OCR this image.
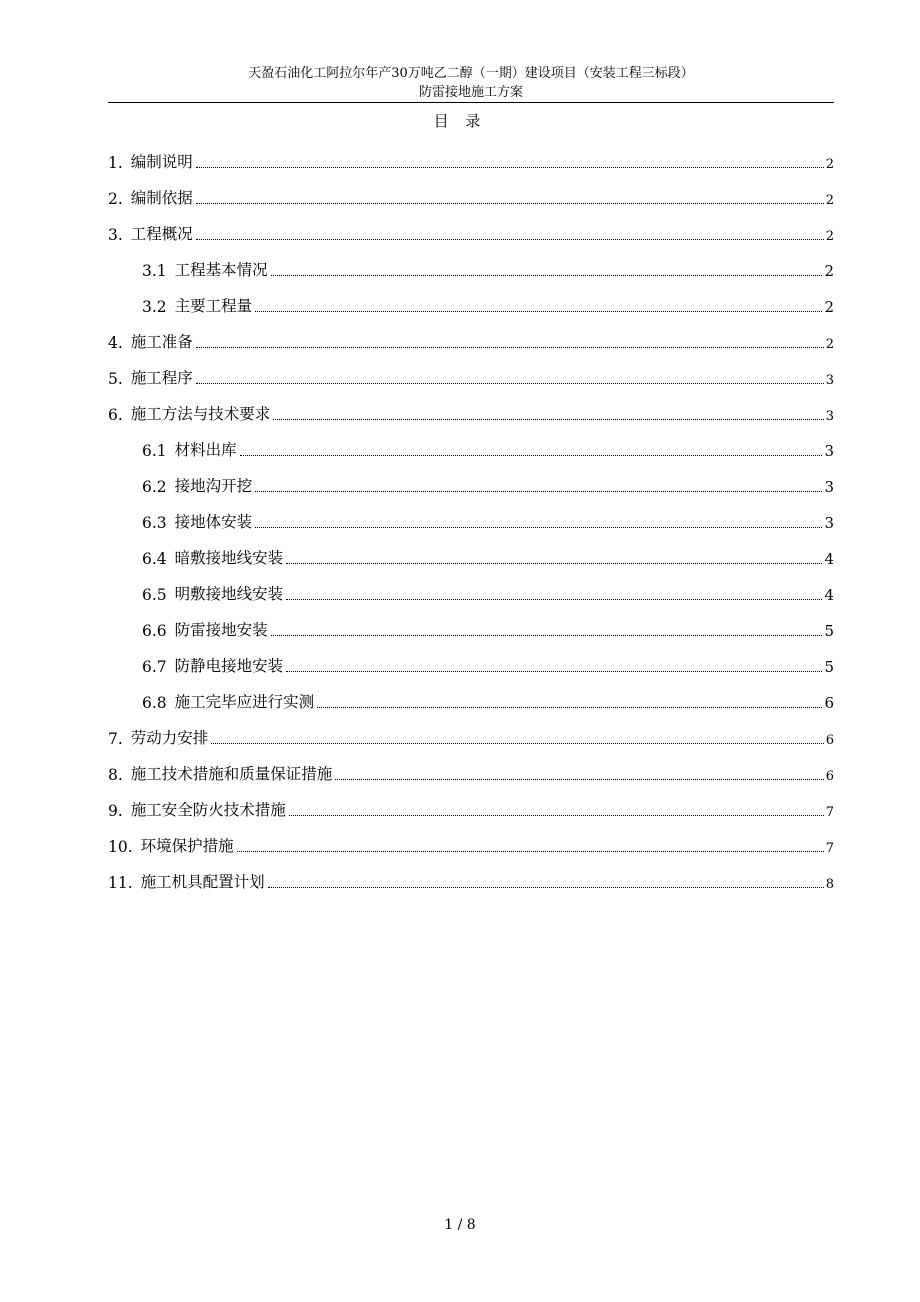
天盈石油化工阿拉尔年产30万吨乙二醇（一期）建设项目（安装工程三标段）
防雷接地施工方案
目 录
1. 编制说明	2
2. 编制依据	2
3. 工程概况	2
3.1 工程基本情况	2
3.2 主要工程量	2
4. 施工准备	2
5. 施工程序	3
6. 施工方法与技术要求	3
6.1 材料出库	3
6.2 接地沟开挖	3
6.3 接地体安装	3
6.4 暗敷接地线安装	4
6.5 明敷接地线安装	4
6.6 防雷接地安装	5
6.7 防静电接地安装	5
6.8 施工完毕应进行实测	6
7. 劳动力安排	6
8. 施工技术措施和质量保证措施	6
9. 施工安全防火技术措施	7
10. 环境保护措施	7
11. 施工机具配置计划	8
1 / 8
